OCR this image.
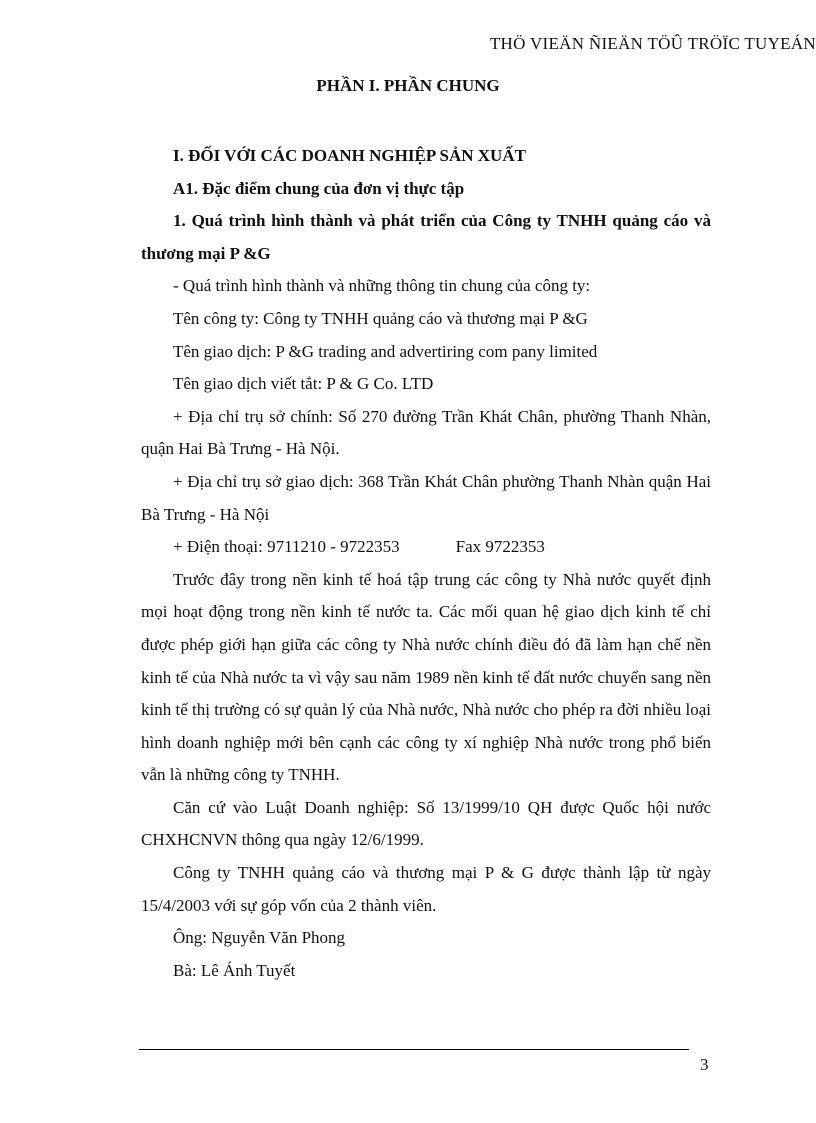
THÖ VIEÄN ÑIEÄN TÖÛ TRÖÏC TUYEÁN
PHẦN I. PHẦN CHUNG

I. ĐỐI VỚI CÁC DOANH NGHIỆP SẢN XUẤT

A1. Đặc điểm chung của đơn vị thực tập

1. Quá trình hình thành và phát triển của Công ty TNHH quảng cáo và thương mại P &G

- Quá trình hình thành và những thông tin chung của công ty:

Tên công ty: Công ty TNHH quảng cáo và thương mại P &G

Tên giao dịch: P &G trading and advertiring com pany limited

Tên giao dịch viết tắt: P & G Co. LTD

+ Địa chỉ trụ sở chính: Số 270 đường Trần Khát Chân, phường Thanh Nhàn, quận Hai Bà Trưng - Hà Nội.

+ Địa chỉ trụ sở giao dịch: 368 Trần Khát Chân phường Thanh Nhàn quận Hai Bà Trưng - Hà Nội

+ Điện thoại: 9711210 - 9722353	Fax 9722353

Trước đây trong nền kinh tế hoá tập trung các công ty Nhà nước quyết định mọi hoạt động trong nền kinh tế nước ta. Các mối quan hệ giao dịch kinh tế chỉ được phép giới hạn giữa các công ty Nhà nước chính điều đó đã làm hạn chế nền kinh tế của Nhà nước ta vì vậy sau năm 1989 nền kinh tế đất nước chuyển sang nền kinh tế thị trường có sự quản lý của Nhà nước, Nhà nước cho phép ra đời nhiều loại hình doanh nghiệp mới bên cạnh các công ty xí nghiệp Nhà nước trong phổ biến vẫn là những công ty TNHH.

Căn cứ vào Luật Doanh nghiệp: Số 13/1999/10 QH được Quốc hội nước CHXHCNVN thông qua ngày 12/6/1999.

Công ty TNHH quảng cáo và thương mại P & G được thành lập từ ngày 15/4/2003 với sự góp vốn của 2 thành viên.

Ông: Nguyễn Văn Phong

Bà: Lê Ánh Tuyết

3
